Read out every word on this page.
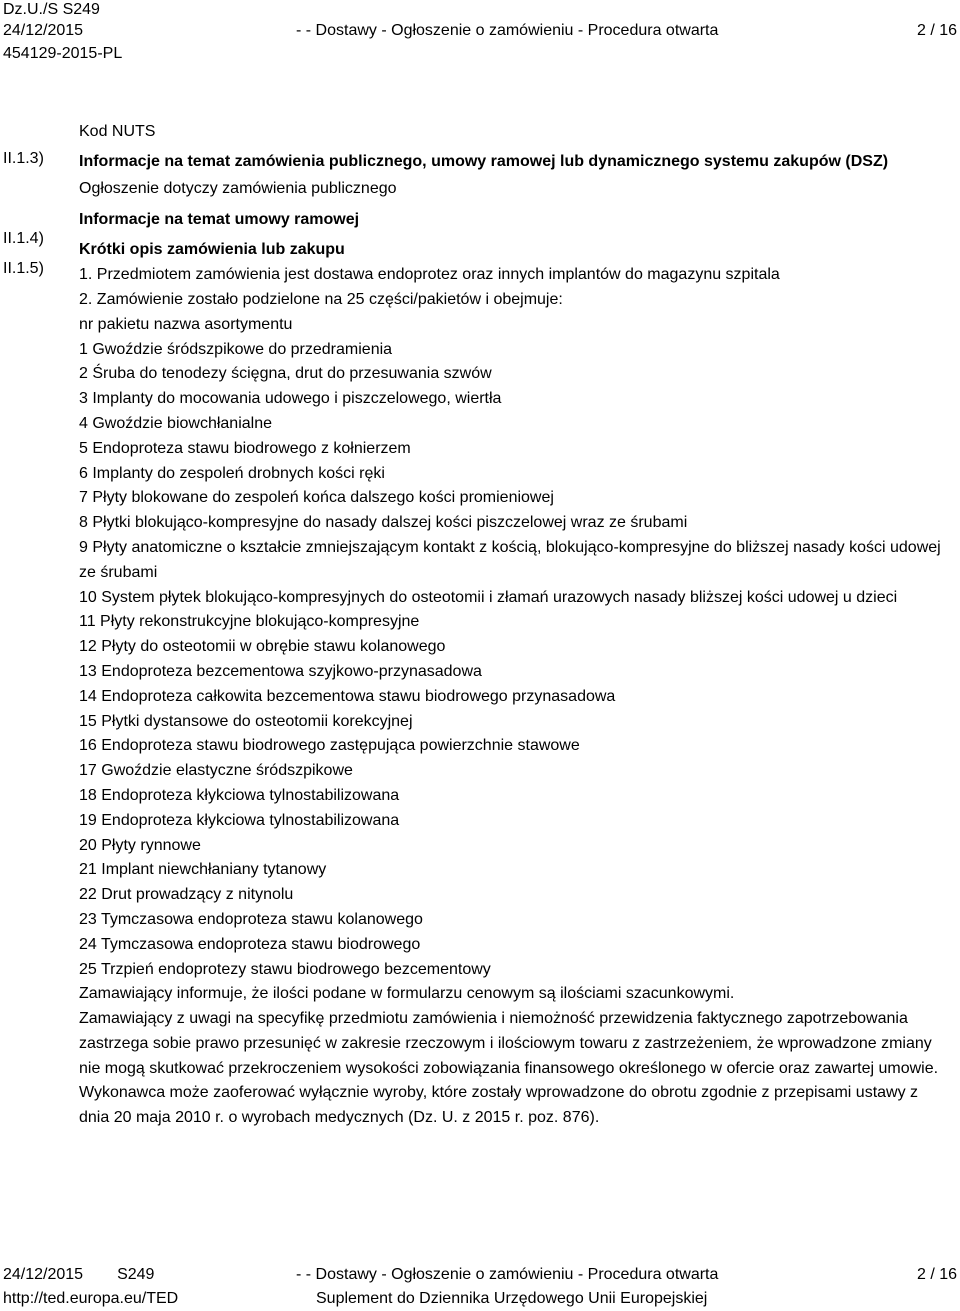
Dz.U./S S249
24/12/2015
454129-2015-PL
- - Dostawy - Ogłoszenie o zamówieniu - Procedura otwarta	2 / 16
II.1.3)
II.1.4)
II.1.5)
Kod NUTS
Informacje na temat zamówienia publicznego, umowy ramowej lub dynamicznego systemu zakupów (DSZ)
Ogłoszenie dotyczy zamówienia publicznego
Informacje na temat umowy ramowej
Krótki opis zamówienia lub zakupu
1. Przedmiotem zamówienia jest dostawa endoprotez oraz innych implantów do magazynu szpitala
2. Zamówienie zostało podzielone na 25 części/pakietów i obejmuje:
nr pakietu nazwa asortymentu
1 Gwoździe śródszpikowe do przedramienia
2 Śruba do tenodezy ścięgna, drut do przesuwania szwów
3 Implanty do mocowania udowego i piszczelowego, wiertła
4 Gwoździe biowchłanialne
5 Endoproteza stawu biodrowego z kołnierzem
6 Implanty do zespoleń drobnych kości ręki
7 Płyty blokowane do zespoleń końca dalszego kości promieniowej
8 Płytki blokująco-kompresyjne do nasady dalszej kości piszczelowej wraz ze śrubami
9 Płyty anatomiczne o kształcie zmniejszającym kontakt z kością, blokująco-kompresyjne do bliższej nasady kości udowej ze śrubami
10 System płytek blokująco-kompresyjnych do osteotomii i złamań urazowych nasady bliższej kości udowej u dzieci
11 Płyty rekonstrukcyjne blokująco-kompresyjne
12 Płyty do osteotomii w obrębie stawu kolanowego
13 Endoproteza bezcementowa szyjkowo-przynasadowa
14 Endoproteza całkowita bezcementowa stawu biodrowego przynasadowa
15 Płytki dystansowe do osteotomii korekcyjnej
16 Endoproteza stawu biodrowego zastępująca powierzchnie stawowe
17 Gwoździe elastyczne śródszpikowe
18 Endoproteza kłykciowa tylnostabilizowana
19 Endoproteza kłykciowa tylnostabilizowana
20 Płyty rynnowe
21 Implant niewchłaniany tytanowy
22 Drut prowadzący z nitynolu
23 Tymczasowa endoproteza stawu kolanowego
24 Tymczasowa endoproteza stawu biodrowego
25 Trzpień endoprotezy stawu biodrowego bezcementowy
Zamawiający informuje, że ilości podane w formularzu cenowym są ilościami szacunkowymi.
Zamawiający z uwagi na specyfikę przedmiotu zamówienia i niemożność przewidzenia faktycznego zapotrzebowania zastrzega sobie prawo przesunięć w zakresie rzeczowym i ilościowym towaru z zastrzeżeniem, że wprowadzone zmiany nie mogą skutkować przekroczeniem wysokości zobowiązania finansowego określonego w ofercie oraz zawartej umowie.
Wykonawca może zaoferować wyłącznie wyroby, które zostały wprowadzone do obrotu zgodnie z przepisami ustawy z dnia 20 maja 2010 r. o wyrobach medycznych (Dz. U. z 2015 r. poz. 876).
24/12/2015 S249
http://ted.europa.eu/TED
- - Dostawy - Ogłoszenie o zamówieniu - Procedura otwarta
Suplement do Dziennika Urzędowego Unii Europejskiej
2 / 16
